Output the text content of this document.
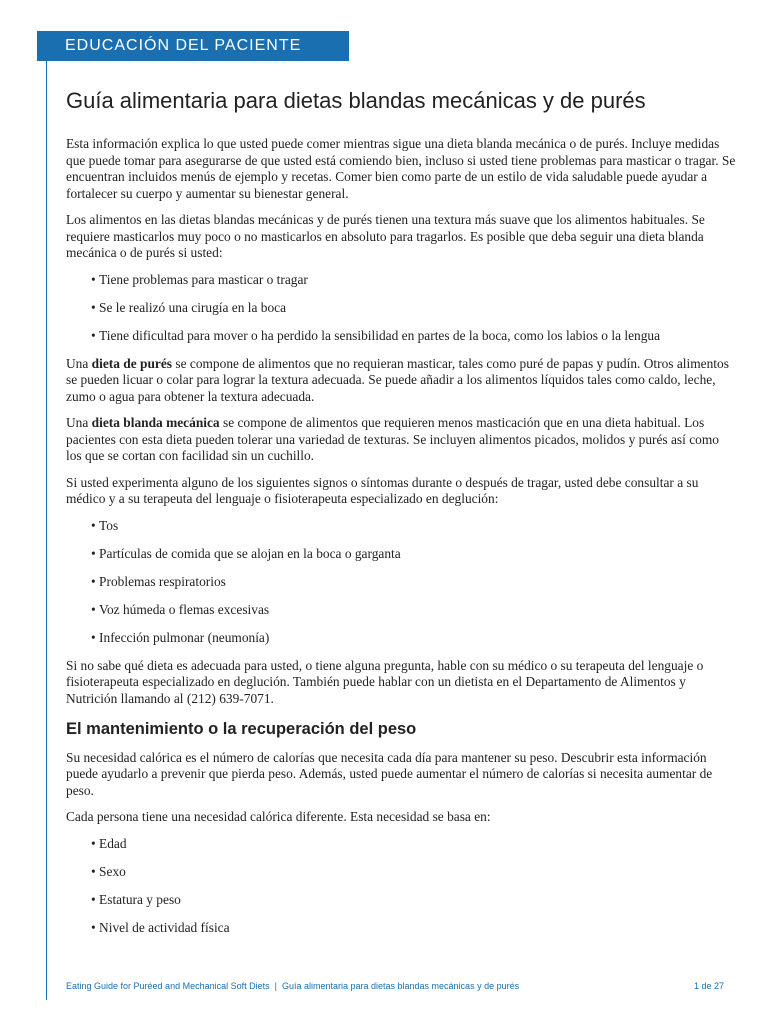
EDUCACIÓN DEL PACIENTE
Guía alimentaria para dietas blandas mecánicas y de purés

Esta información explica lo que usted puede comer mientras sigue una dieta blanda mecánica o de purés. Incluye medidas que puede tomar para asegurarse de que usted está comiendo bien, incluso si usted tiene problemas para masticar o tragar. Se encuentran incluidos menús de ejemplo y recetas. Comer bien como parte de un estilo de vida saludable puede ayudar a fortalecer su cuerpo y aumentar su bienestar general.

Los alimentos en las dietas blandas mecánicas y de purés tienen una textura más suave que los alimentos habituales. Se requiere masticarlos muy poco o no masticarlos en absoluto para tragarlos. Es posible que deba seguir una dieta blanda mecánica o de purés si usted:

• Tiene problemas para masticar o tragar
• Se le realizó una cirugía en la boca
• Tiene dificultad para mover o ha perdido la sensibilidad en partes de la boca, como los labios o la lengua

Una dieta de purés se compone de alimentos que no requieran masticar, tales como puré de papas y pudín. Otros alimentos se pueden licuar o colar para lograr la textura adecuada. Se puede añadir a los alimentos líquidos tales como caldo, leche, zumo o agua para obtener la textura adecuada.

Una dieta blanda mecánica se compone de alimentos que requieren menos masticación que en una dieta habitual. Los pacientes con esta dieta pueden tolerar una variedad de texturas. Se incluyen alimentos picados, molidos y purés así como los que se cortan con facilidad sin un cuchillo.

Si usted experimenta alguno de los siguientes signos o síntomas durante o después de tragar, usted debe consultar a su médico y a su terapeuta del lenguaje o fisioterapeuta especializado en deglución:

• Tos
• Partículas de comida que se alojan en la boca o garganta
• Problemas respiratorios
• Voz húmeda o flemas excesivas
• Infección pulmonar (neumonía)

Si no sabe qué dieta es adecuada para usted, o tiene alguna pregunta, hable con su médico o su terapeuta del lenguaje o fisioterapeuta especializado en deglución. También puede hablar con un dietista en el Departamento de Alimentos y Nutrición llamando al (212) 639-7071.

El mantenimiento o la recuperación del peso

Su necesidad calórica es el número de calorías que necesita cada día para mantener su peso. Descubrir esta información puede ayudarlo a prevenir que pierda peso. Además, usted puede aumentar el número de calorías si necesita aumentar de peso.

Cada persona tiene una necesidad calórica diferente. Esta necesidad se basa en:

• Edad
• Sexo
• Estatura y peso
• Nivel de actividad física
Eating Guide for Puréed and Mechanical Soft Diets  |  Guía alimentaria para dietas blandas mecánicas y de purés	1 de 27
